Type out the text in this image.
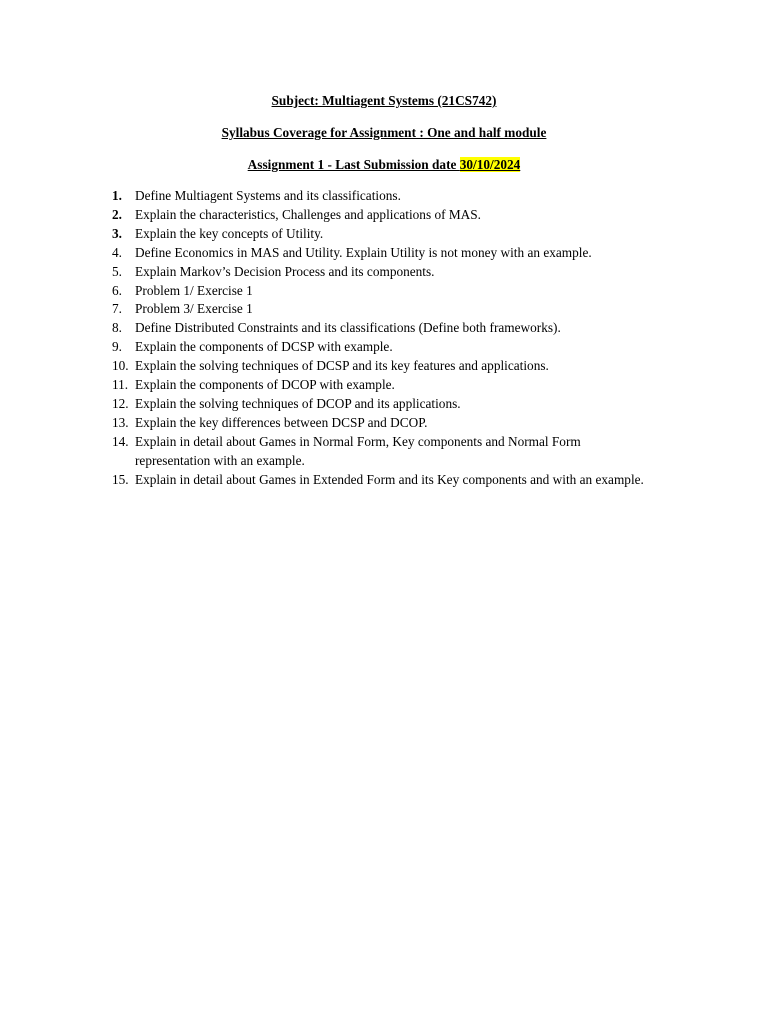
Subject: Multiagent Systems (21CS742)
Syllabus Coverage for Assignment : One and half module
Assignment 1 - Last Submission date 30/10/2024
1. Define Multiagent Systems and its classifications.
2. Explain the characteristics, Challenges and applications of MAS.
3. Explain the key concepts of Utility.
4. Define Economics in MAS and Utility. Explain Utility is not money with an example.
5. Explain Markov’s Decision Process and its components.
6. Problem 1/ Exercise 1
7. Problem 3/ Exercise 1
8. Define Distributed Constraints and its classifications (Define both frameworks).
9. Explain the components of DCSP with example.
10. Explain the solving techniques of DCSP and its key features and applications.
11. Explain the components of DCOP with example.
12. Explain the solving techniques of DCOP and its applications.
13. Explain the key differences between DCSP and DCOP.
14. Explain in detail about Games in Normal Form, Key components and Normal Form representation with an example.
15. Explain in detail about Games in Extended Form and its Key components and with an example.
